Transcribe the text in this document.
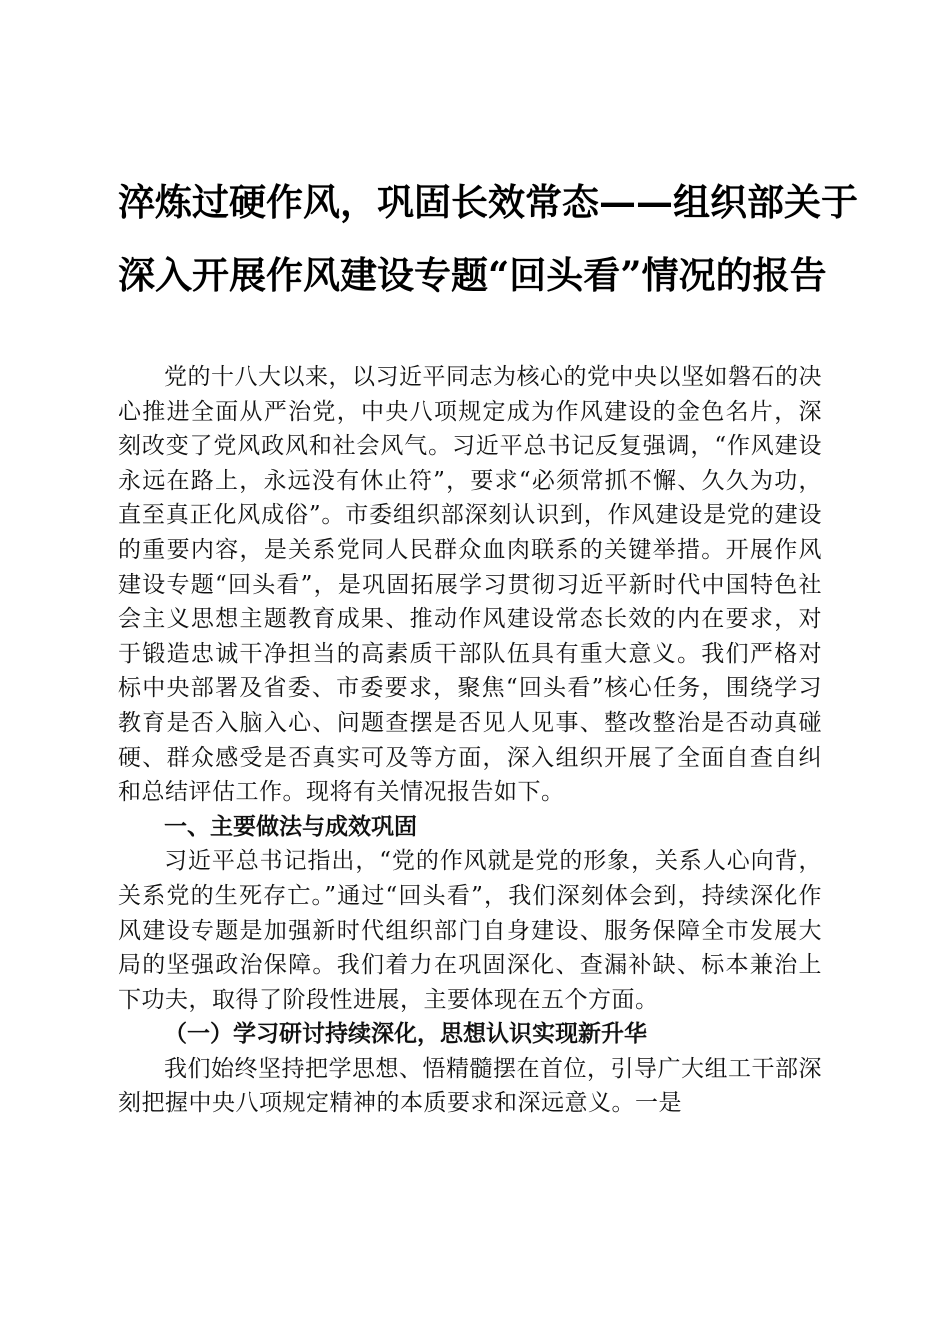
淬炼过硬作风，巩固长效常态——组织部关于
深入开展作风建设专题“回头看”情况的报告

党的十八大以来，以习近平同志为核心的党中央以坚如磐石的决心推进全面从严治党，中央八项规定成为作风建设的金色名片，深刻改变了党风政风和社会风气。习近平总书记反复强调，“作风建设永远在路上，永远没有休止符”，要求“必须常抓不懈、久久为功，直至真正化风成俗”。市委组织部深刻认识到，作风建设是党的建设的重要内容，是关系党同人民群众血肉联系的关键举措。开展作风建设专题“回头看”，是巩固拓展学习贯彻习近平新时代中国特色社会主义思想主题教育成果、推动作风建设常态长效的内在要求，对于锻造忠诚干净担当的高素质干部队伍具有重大意义。我们严格对标中央部署及省委、市委要求，聚焦“回头看”核心任务，围绕学习教育是否入脑入心、问题查摆是否见人见事、整改整治是否动真碰硬、群众感受是否真实可及等方面，深入组织开展了全面自查自纠和总结评估工作。现将有关情况报告如下。

一、主要做法与成效巩固

习近平总书记指出，“党的作风就是党的形象，关系人心向背，关系党的生死存亡。”通过“回头看”，我们深刻体会到，持续深化作风建设专题是加强新时代组织部门自身建设、服务保障全市发展大局的坚强政治保障。我们着力在巩固深化、查漏补缺、标本兼治上下功夫，取得了阶段性进展，主要体现在五个方面。

（一）学习研讨持续深化，思想认识实现新升华

我们始终坚持把学思想、悟精髓摆在首位，引导广大组工干部深刻把握中央八项规定精神的本质要求和深远意义。一是
